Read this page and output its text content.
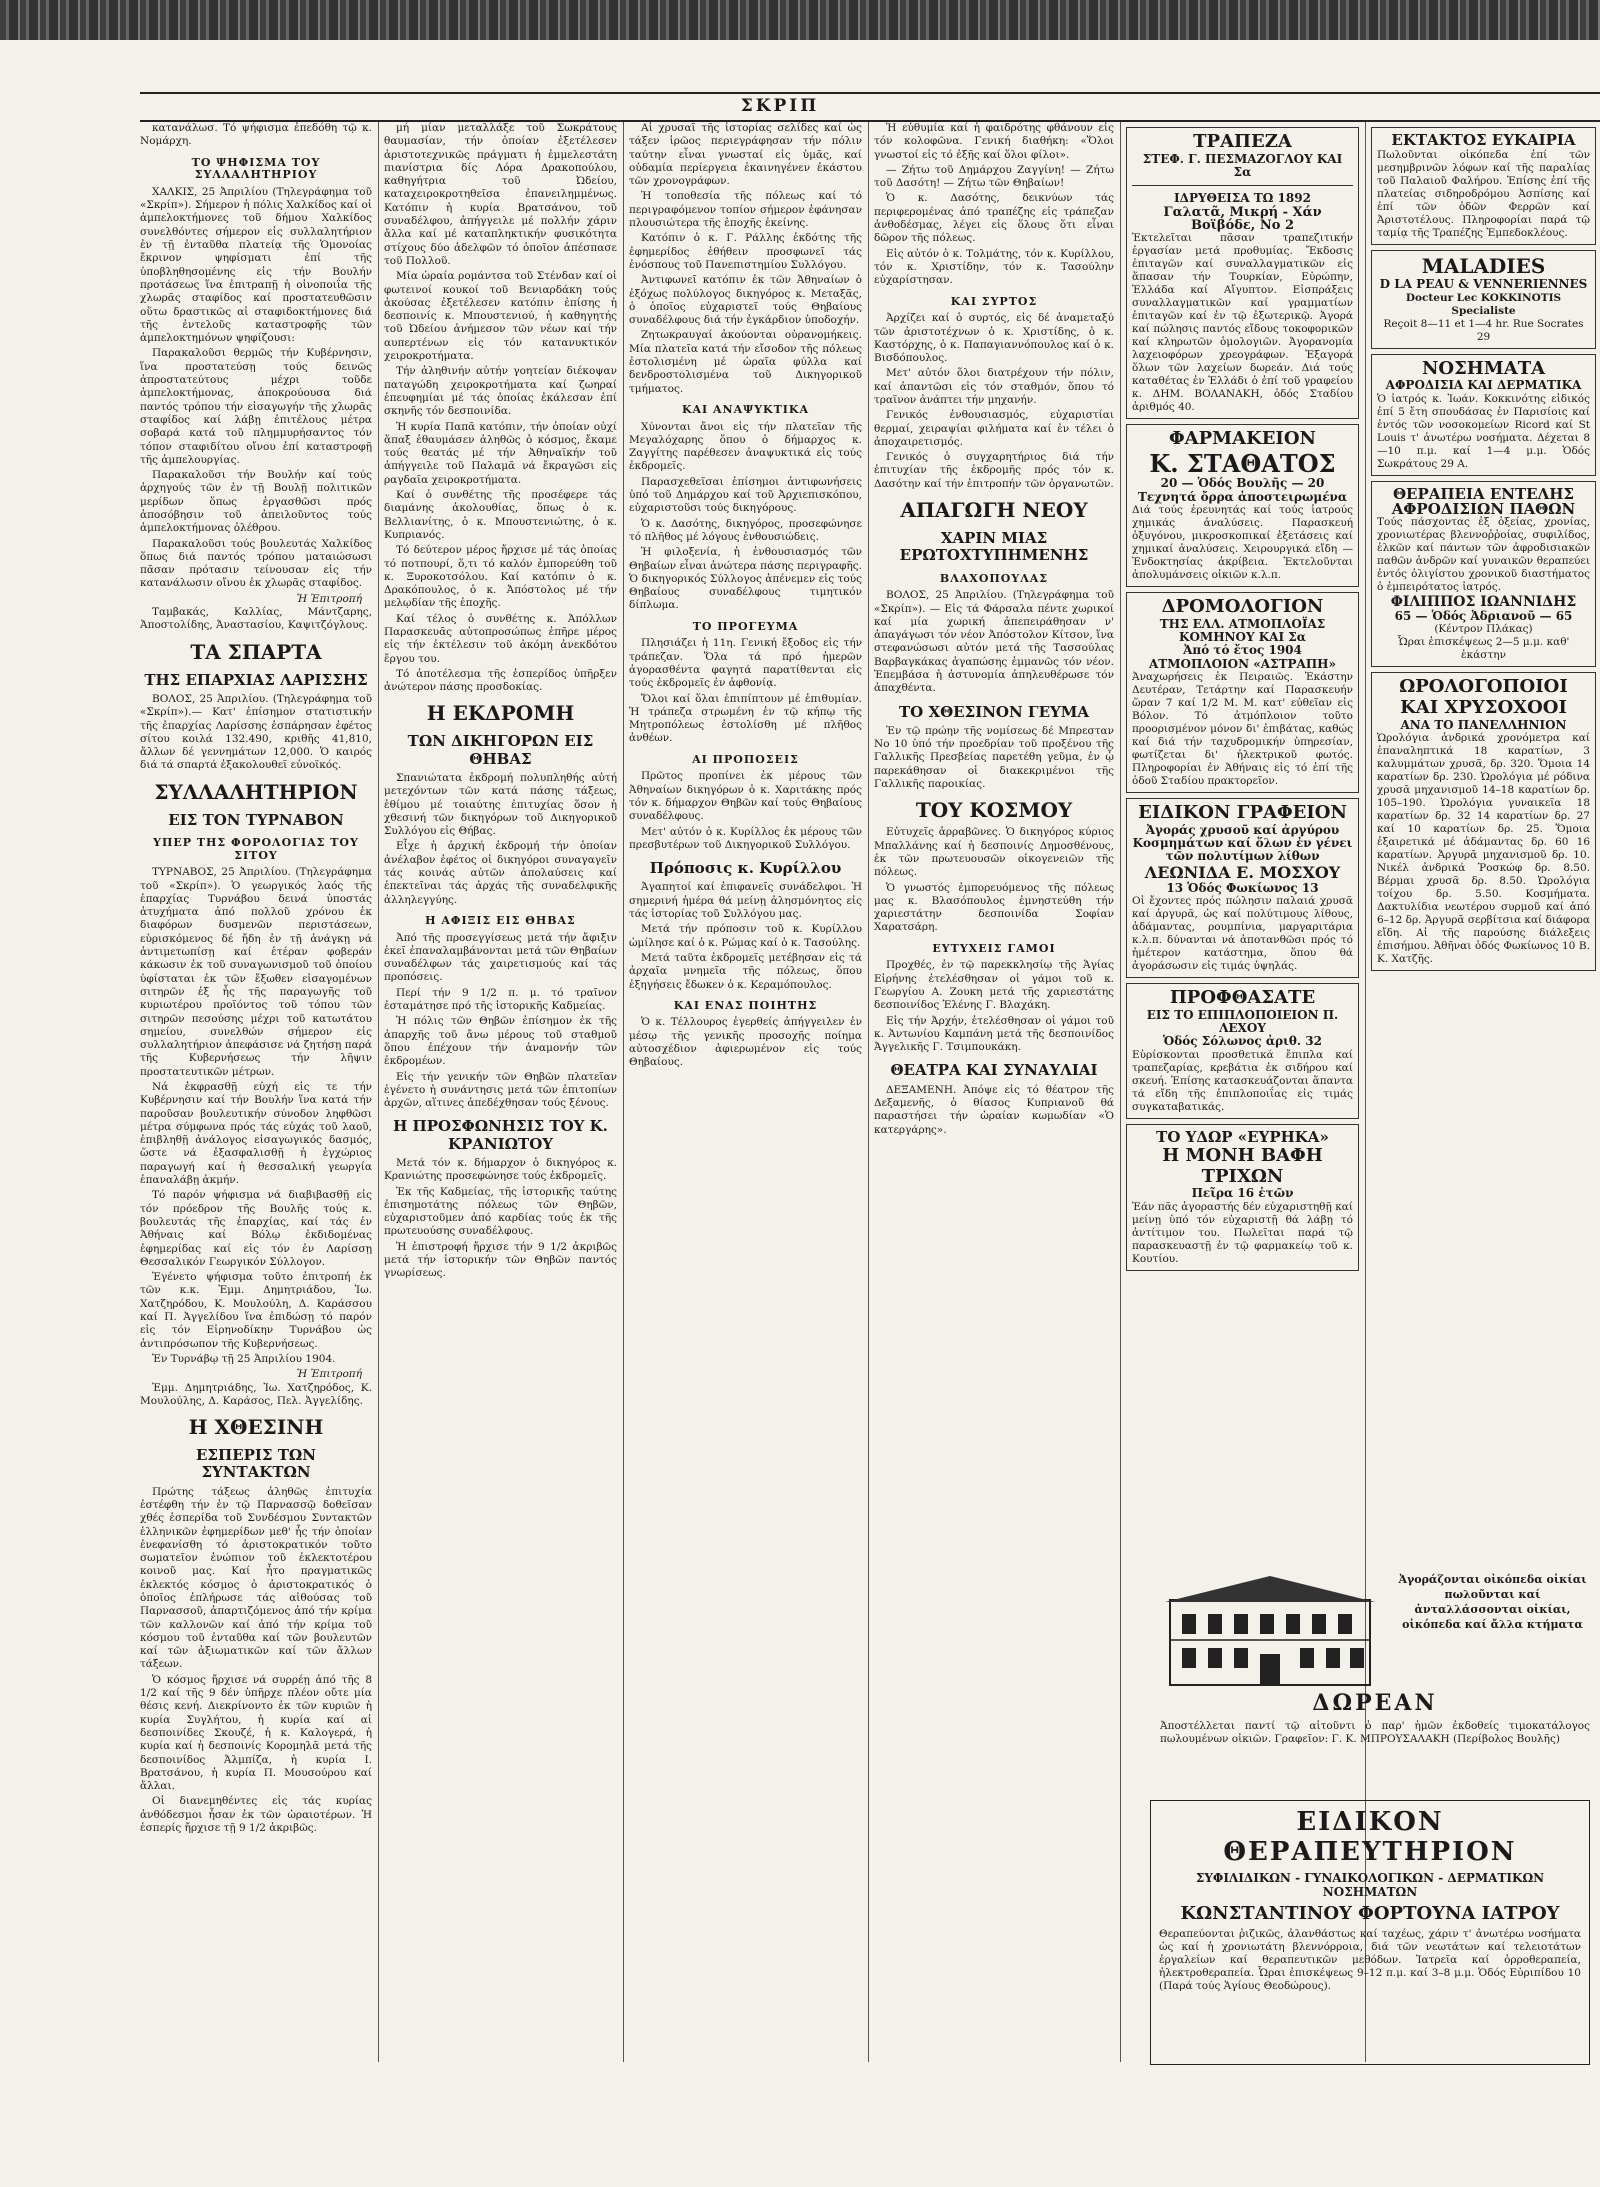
ΣΚΡΙΠ

κατανάλωσ. Τό ψήφισμα ἐπεδόθη τῷ κ. Νομάρχη.

ΤΟ ΨΗΦΙΣΜΑ ΤΟΥ ΣΥΛΛΑΛΗΤΗΡΙΟΥ

ΧΑΛΚΙΣ, 25 Ἀπριλίου (Τηλεγράφημα τοῦ «Σκρίπ»). Σήμερον ἡ πόλις Χαλκίδος καί οἱ ἀμπελοκτήμονες τοῦ δήμου Χαλκίδος συνελθόντες σήμερον εἰς συλλαλητήριον ἐν τῇ ἐνταῦθα πλατείᾳ τῆς Ὁμονοίας ἔκρινον ψηφίσματι ἐπί τῆς ὑποβληθησομένης εἰς τήν Βουλήν προτάσεως ἵνα ἐπιτραπῇ ἡ οἰνοποιΐα τῆς χλωρᾶς σταφίδος καί προστατευθῶσιν οὕτω δραστικῶς αἱ σταφιδοκτήμονες διά τῆς ἐντελοῦς καταστροφῆς τῶν ἀμπελοκτημόνων ψηφίζουσι:

Παρακαλοῦσι θερμῶς τήν Κυβέρνησιν, ἵνα προστατεύσῃ τούς δεινῶς ἀπροστατεύτους μέχρι τοῦδε ἀμπελοκτήμονας, ἀποκρούουσα διά παντός τρόπου τήν εἰσαγωγήν τῆς χλωρᾶς σταφίδος καί λάβῃ ἐπιτέλους μέτρα σοβαρά κατά τοῦ πλημμυρήσαντος τόν τόπον σταφιδίτου οἴνου ἐπί καταστροφῇ τῆς ἀμπελουργίας.

Παρακαλοῦσι τήν Βουλήν καί τούς ἀρχηγούς τῶν ἐν τῇ Βουλῇ πολιτικῶν μερίδων ὅπως ἐργασθῶσι πρός ἀποσόβησιν τοῦ ἀπειλοῦντος τούς ἀμπελοκτήμονας ὀλέθρου.

Παρακαλοῦσι τούς βουλευτάς Χαλκίδος ὅπως διά παντός τρόπου ματαιώσωσι πᾶσαν πρότασιν τείνουσαν εἰς τήν κατανάλωσιν οἴνου ἐκ χλωρᾶς σταφίδος.

Ἡ Ἐπιτροπή

Ταμβακάς, Καλλίας, Μάντζαρης, Ἀποστολίδης, Ἀναστασίου, Καψιτζόγλους.

ΤΑ ΣΠΑΡΤΑ
ΤΗΣ ΕΠΑΡΧΙΑΣ ΛΑΡΙΣΣΗΣ

ΒΟΛΟΣ, 25 Ἀπριλίου. (Τηλεγράφημα τοῦ «Σκρίπ»).— Κατ' ἐπίσημον στατιστικήν τῆς ἐπαρχίας Λαρίσσης ἐσπάρησαν ἐφέτος σίτου κοιλά 132.490, κριθῆς 41,810, ἄλλων δέ γεννημάτων 12,000. Ὁ καιρός διά τά σπαρτά ἐξακολουθεῖ εὐνοϊκός.

ΣΥΛΛΑΛΗΤΗΡΙΟΝ
ΕΙΣ ΤΟΝ ΤΥΡΝΑΒΟΝ
ΥΠΕΡ ΤΗΣ ΦΟΡΟΛΟΓΙΑΣ ΤΟΥ ΣΙΤΟΥ

ΤΥΡΝΑΒΟΣ, 25 Ἀπριλίου. (Τηλεγράφημα τοῦ «Σκρίπ»). Ὁ γεωργικός λαός τῆς ἐπαρχίας Τυρνάβου δεινά ὑποστάς ἀτυχήματα ἀπό πολλοῦ χρόνου ἐκ διαφόρων δυσμενῶν περιστάσεων, εὑρισκόμενος δέ ἤδη ἐν τῇ ἀνάγκῃ νά ἀντιμετωπίσῃ καί ἑτέραν φοβεράν κάκωσιν ἐκ τοῦ συναγωνισμοῦ τοῦ ὁποίου ὑφίσταται ἐκ τῶν ἔξωθεν εἰσαγομένων σιτηρῶν ἐξ ἧς τῆς παραγωγῆς τοῦ κυριωτέρου προϊόντος τοῦ τόπου τῶν σιτηρῶν πεσούσης μέχρι τοῦ κατωτάτου σημείου, συνελθών σήμερον εἰς συλλαλητήριον ἀπεφάσισε νά ζητήσῃ παρά τῆς Κυβερνήσεως τήν λῆψιν προστατευτικῶν μέτρων.

Νά ἐκφρασθῇ εὐχή εἰς τε τήν Κυβέρνησιν καί τήν Βουλήν ἵνα κατά τήν παροῦσαν βουλευτικήν σύνοδον ληφθῶσι μέτρα σύμφωνα πρός τάς εὐχάς τοῦ λαοῦ, ἐπιβληθῇ ἀνάλογος εἰσαγωγικός δασμός, ὥστε νά ἐξασφαλισθῇ ἡ ἐγχώριος παραγωγή καί ἡ θεσσαλική γεωργία ἐπαναλάβῃ ἀκμήν.

Τό παρόν ψήφισμα νά διαβιβασθῇ εἰς τόν πρόεδρον τῆς Βουλῆς τούς κ. βουλευτάς τῆς ἐπαρχίας, καί τάς ἐν Ἀθήναις καί Βόλῳ ἐκδιδομένας ἐφημερίδας καί εἰς τόν ἐν Λαρίσσῃ Θεσσαλικόν Γεωργικόν Σύλλογον.

Ἐγένετο ψήφισμα τοῦτο ἐπιτροπή ἐκ τῶν κ.κ. Ἐμμ. Δημητριάδου, Ἰω. Χατζηρόδου, Κ. Μουλούλη, Δ. Καράσσου καί Π. Ἀγγελίδου ἵνα ἐπιδώσῃ τό παρόν εἰς τόν Εἰρηνοδίκην Τυρνάβου ὡς ἀντιπρόσωπον τῆς Κυβερνήσεως.

Ἐν Τυρνάβῳ τῇ 25 Ἀπριλίου 1904.

Ἡ Ἐπιτροπή

Ἐμμ. Δημητριάδης, Ἰω. Χατζηρόδος, Κ. Μουλούλης, Δ. Καράσος, Πελ. Ἀγγελίδης.

Η ΧΘΕΣΙΝΗ
ΕΣΠΕΡΙΣ ΤΩΝ ΣΥΝΤΑΚΤΩΝ

Πρώτης τάξεως ἀληθῶς ἐπιτυχία ἐστέφθη τήν ἐν τῷ Παρνασσῷ δοθεῖσαν χθές ἑσπερίδα τοῦ Συνδέσμου Συντακτῶν ἑλληνικῶν ἐφημερίδων μεθ' ἧς τήν ὁποίαν ἐνεφανίσθη τό ἀριστοκρατικόν τοῦτο σωματεῖον ἐνώπιον τοῦ ἐκλεκτοτέρου κοινοῦ μας. Καί ἦτο πραγματικῶς ἐκλεκτός κόσμος ὁ ἀριστοκρατικός ὁ ὁποῖος ἐπλήρωσε τάς αἰθούσας τοῦ Παρνασσοῦ, ἀπαρτιζόμενος ἀπό τήν κρίμα τῶν καλλονῶν καί ἀπό τήν κρίμα τοῦ κόσμου τοῦ ἐνταῦθα καί τῶν βουλευτῶν καί τῶν ἀξιωματικῶν καί τῶν ἄλλων τάξεων.

Ὁ κόσμος ἤρχισε νά συρρέῃ ἀπό τῆς 8 1/2 καί τῆς 9 δέν ὑπῆρχε πλέον οὔτε μία θέσις κενή. Διεκρίνοντο ἐκ τῶν κυριῶν ἡ κυρία Συγλήτου, ἡ κυρία καί αἱ δεσποινίδες Σκουζέ, ἡ κ. Καλογερά, ἡ κυρία καί ἡ δεσποινίς Κορομηλᾶ μετά τῆς δεσποινίδος Ἀλμπίζα, ἡ κυρία Ι. Βρατσάνου, ἡ κυρία Π. Μουσούρου καί ἄλλαι.

Οἱ διανεμηθέντες εἰς τάς κυρίας ἀνθόδεσμοι ἦσαν ἐκ τῶν ὡραιοτέρων. Ἡ ἑσπερίς ἤρχισε τῇ 9 1/2 ἀκριβῶς.

μή μίαν μεταλλάξε τοῦ Σωκράτους θαυμασίαν, τήν ὁποίαν ἐξετέλεσεν ἀριστοτεχνικῶς πράγματι ἡ ἐμμελεστάτη πιανίστρια δίς Λόρα Δρακοπούλου, καθηγήτρια τοῦ Ὠδείου, καταχειροκροτηθεῖσα ἐπανειλημμένως. Κατόπιν ἡ κυρία Βρατσάνου, τοῦ συναδέλφου, ἀπήγγειλε μέ πολλήν χάριν ἄλλα καί μέ καταπληκτικήν φυσικότητα στίχους δύο ἀδελφῶν τό ὁποῖον ἀπέσπασε τοῦ Πολλοῦ.

Μία ὡραία ρομάντσα τοῦ Στένδαν καί οἱ φωτεινοί κουκοί τοῦ Βενιαρδάκη τούς ἀκούσας ἐξετέλεσεν κατόπιν ἐπίσης ἡ δεσποινίς κ. Μπουστενιού, ἡ καθηγητής τοῦ Ὠδείου ἀνήμεσον τῶν νέων καί τήν αυπερτένων εἰς τόν κατανυκτικόν χειροκροτήματα.

Τήν ἀληθινήν αὐτήν γοητείαν διέκοψαν παταγώδη χειροκροτήματα καί ζωηραί ἐπευφημίαι μέ τάς ὁποίας ἐκάλεσαν ἐπί σκηνῆς τόν δεσποινίδα.

Ἡ κυρία Παπᾶ κατόπιν, τήν ὁποίαν οὐχί ἅπαξ ἐθαυμάσεν ἀληθῶς ὁ κόσμος, ἔκαμε τούς θεατάς μέ τήν Ἀθηναϊκήν τοῦ ἀπήγγειλε τοῦ Παλαμᾶ νά ἔκραγῶσι εἰς ραγδαῖα χειροκροτήματα.

Καί ὁ συνθέτης τῆς προσέφερε τάς διαμάνης ἀκολουθίας, ὅπως ὁ κ. Βελλιανίτης, ὁ κ. Μπουστενιώτης, ὁ κ. Κυπριανός.

Τό δεύτερον μέρος ἤρχισε μέ τάς ὁποίας τό ποτπουρί, ὅ,τι τό καλόν ἐμπορεύθη τοῦ κ. Ξυροκοτσόλου. Καί κατόπιν ὁ κ. Δρακόπουλος, ὁ κ. Ἀπόστολος μέ τήν μελῳδίαν τῆς ἐποχῆς.

Καί τέλος ὁ συνθέτης κ. Ἀπόλλων Παρασκευᾶς αὐτοπροσώπως ἐπῆρε μέρος εἰς τήν ἐκτέλεσιν τοῦ ἀκόμη ἀνεκδότου ἔργου του.

Τό ἀποτέλεσμα τῆς ἑσπερίδος ὑπῆρξεν ἀνώτερον πάσης προσδοκίας.

Η ΕΚΔΡΟΜΗ
ΤΩΝ ΔΙΚΗΓΟΡΩΝ ΕΙΣ ΘΗΒΑΣ

Σπανιώτατα ἐκδρομή πολυπληθής αὐτή μετεχόντων τῶν κατά πάσης τάξεως, ἐθίμου μέ τοιαύτης ἐπιτυχίας ὅσον ἡ χθεσινή τῶν δικηγόρων τοῦ Δικηγορικοῦ Συλλόγου εἰς Θήβας.

Εἶχε ἡ ἀρχική ἐκδρομή τήν ὁποίαν ἀνέλαβον ἐφέτος οἱ δικηγόροι συναγαγεῖν τάς κοινάς αὐτῶν ἀπολαύσεις καί ἐπεκτεῖναι τάς ἀρχάς τῆς συναδελφικῆς ἀλληλεγγύης.

Η ΑΦΙΞΙΣ ΕΙΣ ΘΗΒΑΣ

Ἀπό τῆς προσεγγίσεως μετά τήν ἄφιξιν ἐκεῖ ἐπαναλαμβάνονται μετά τῶν Θηβαίων συναδέλφων τάς χαιρετισμούς καί τάς προπόσεις.

Περί τήν 9 1/2 π. μ. τό τραῖνον ἐσταμάτησε πρό τῆς ἱστορικῆς Καδμείας.

Ἡ πόλις τῶν Θηβῶν ἐπίσημον ἐκ τῆς ἀπαρχῆς τοῦ ἄνω μέρους τοῦ σταθμοῦ ὅπου ἐπέχουν τήν ἀναμονήν τῶν ἐκδρομέων.

Εἰς τήν γενικήν τῶν Θηβῶν πλατεῖαν ἐγένετο ἡ συνάντησις μετά τῶν ἐπιτοπίων ἀρχῶν, αἵτινες ἀπεδέχθησαν τούς ξένους.

Η ΠΡΟΣΦΩΝΗΣΙΣ ΤΟΥ Κ. ΚΡΑΝΙΩΤΟΥ

Μετά τόν κ. δήμαρχον ὁ δικηγόρος κ. Κρανιώτης προσεφώνησε τούς ἐκδρομεῖς.

Ἐκ τῆς Καδμείας, τῆς ἱστορικῆς ταύτης ἐπισημοτάτης πόλεως τῶν Θηβῶν, εὐχαριστοῦμεν ἀπό καρδίας τούς ἐκ τῆς πρωτευούσης συναδέλφους.

Ἡ ἐπιστροφή ἤρχισε τήν 9 1/2 ἀκριβῶς μετά τήν ἱστορικήν τῶν Θηβῶν παντός γνωρίσεως.

Αἱ χρυσαῖ τῆς ἱστορίας σελίδες καί ὡς τάξεν ἱρῶος περιεγράφησαν τήν πόλιν ταύτην εἶναι γνωσταί εἰς ὑμᾶς, καί οὐδαμία περίεργεια ἐκαινηγένεν ἐκάστου τῶν χρονογράφων.

Ἡ τοποθεσία τῆς πόλεως καί τό περιγραφόμενον τοπίον σήμερον ἐφάνησαν πλουσιώτερα τῆς ἐποχῆς ἐκείνης.

Κατόπιν ὁ κ. Γ. Ράλλης ἐκδότης τῆς ἐφημερίδος ἐθήθειν προσφωνεῖ τάς ἐνόσπους τοῦ Πανεπιστημίου Συλλόγου.

Ἀντιφωνεῖ κατόπιν ἐκ τῶν Ἀθηναίων ὁ ἐξόχως πολύλογος δικηγόρος κ. Μεταξᾶς, ὁ ὁποῖος εὐχαριστεῖ τούς Θηβαίους συναδέλφους διά τήν ἐγκάρδιον ὑποδοχήν.

Ζητωκραυγαί ἀκούονται οὐρανομήκεις. Μία πλατεῖα κατά τήν εἴσοδον τῆς πόλεως ἐστολισμένη μέ ὡραῖα φύλλα καί δενδροστολισμένα τοῦ Δικηγορικοῦ τμήματος.

ΚΑΙ ΑΝΑΨΥΚΤΙΚΑ

Χύνονται ἄνοι εἰς τήν πλατεῖαν τῆς Μεγαλόχαρης ὅπου ὁ δήμαρχος κ. Ζαγγίτης παρέθεσεν ἀναψυκτικά εἰς τούς ἐκδρομεῖς.

Παρασχεθεῖσαι ἐπίσημοι ἀντιφωνήσεις ὑπό τοῦ Δημάρχου καί τοῦ Ἀρχιεπισκόπου, εὐχαριστοῦσι τούς δικηγόρους.

Ὁ κ. Δασότης, δικηγόρος, προσεφώνησε τό πλῆθος μέ λόγους ἐνθουσιώδεις.

Ἡ φιλοξενία, ἡ ἐνθουσιασμός τῶν Θηβαίων εἶναι ἀνώτερα πάσης περιγραφῆς. Ὁ δικηγορικός Σύλλογος ἀπένεμεν εἰς τούς Θηβαίους συναδέλφους τιμητικόν δίπλωμα.

ΤΟ ΠΡΟΓΕΥΜΑ

Πλησιάζει ἡ 11η. Γενική ἔξοδος εἰς τήν τράπεζαν. Ὅλα τά πρό ἡμερῶν ἀγορασθέντα φαγητά παρατίθενται εἰς τούς ἐκδρομεῖς ἐν ἀφθονίᾳ.

Ὅλοι καί ὅλαι ἐπιπίπτουν μέ ἐπιθυμίαν. Ἡ τράπεζα στρωμένη ἐν τῷ κήπῳ τῆς Μητροπόλεως ἐστολίσθη μέ πλῆθος ἀνθέων.

ΑΙ ΠΡΟΠΟΣΕΙΣ

Πρῶτος προπίνει ἐκ μέρους τῶν Ἀθηναίων δικηγόρων ὁ κ. Χαριτάκης πρός τόν κ. δήμαρχον Θηβῶν καί τούς Θηβαίους συναδέλφους.

Μετ' αὐτόν ὁ κ. Κυρίλλος ἐκ μέρους τῶν πρεσβυτέρων τοῦ Δικηγορικοῦ Συλλόγου.

Πρόποσις κ. Κυρίλλου

Ἀγαπητοί καί ἐπιφανεῖς συνάδελφοι. Ἡ σημερινή ἡμέρα θά μείνῃ ἀλησμόνητος εἰς τάς ἱστορίας τοῦ Συλλόγου μας.

Μετά τήν πρόποσιν τοῦ κ. Κυρίλλου ὡμίλησε καί ὁ κ. Ρώμας καί ὁ κ. Τασούλης.

Μετά ταῦτα ἐκδρομεῖς μετέβησαν εἰς τά ἀρχαῖα μνημεῖα τῆς πόλεως, ὅπου ἐξηγήσεις ἔδωκεν ὁ κ. Κεραμόπουλος.

ΚΑΙ ΕΝΑΣ ΠΟΙΗΤΗΣ

Ὁ κ. Τέλλουρος ἐγερθείς ἀπήγγειλεν ἐν μέσῳ τῆς γενικῆς προσοχῆς ποίημα αὐτοσχέδιον ἀφιερωμένον εἰς τούς Θηβαίους.

Ἡ εὐθυμία καί ἡ φαιδρότης φθάνουν εἰς τόν κολοφῶνα. Γενική διαθήκη: «Ὅλοι γνωστοί εἰς τό ἐξῆς καί ὅλοι φίλοι».

— Ζήτω τοῦ Δημάρχου Ζαγγίνη! — Ζήτω τοῦ Δασότη! — Ζήτω τῶν Θηβαίων!

Ὁ κ. Δασότης, δεικνύων τάς περιφερομένας ἀπό τραπέζης εἰς τράπεζαν ἀνθοδέσμας, λέγει εἰς ὅλους ὅτι εἶναι δῶρον τῆς πόλεως.

Εἰς αὐτόν ὁ κ. Τολμάτης, τόν κ. Κυρίλλου, τόν κ. Χριστίδην, τόν κ. Τασούλην εὐχαρίστησαν.

ΚΑΙ ΣΥΡΤΟΣ

Ἀρχίζει καί ὁ συρτός, εἰς δέ ἀναμεταξύ τῶν ἀριστοτέχνων ὁ κ. Χριστίδης, ὁ κ. Καστόρχης, ὁ κ. Παπαγιαννόπουλος καί ὁ κ. Βισδόπουλος.

Μετ' αὐτόν ὅλοι διατρέχουν τήν πόλιν, καί ἀπαντῶσι εἰς τόν σταθμόν, ὅπου τό τραῖνον ἀνάπτει τήν μηχανήν.

Γενικός ἐνθουσιασμός, εὐχαριστίαι θερμαί, χειραψίαι φιλήματα καί ἐν τέλει ὁ ἀποχαιρετισμός.

Γενικός ὁ συγχαρητήριος διά τήν ἐπιτυχίαν τῆς ἐκδρομῆς πρός τόν κ. Δασότην καί τήν ἐπιτροπήν τῶν ὀργανωτῶν.

ΑΠΑΓΩΓΗ ΝΕΟΥ
ΧΑΡΙΝ ΜΙΑΣ ΕΡΩΤΟΧΤΥΠΗΜΕΝΗΣ
ΒΛΑΧΟΠΟΥΛΑΣ

ΒΟΛΟΣ, 25 Ἀπριλίου. (Τηλεγράφημα τοῦ «Σκρίπ»). — Εἰς τά Φάρσαλα πέντε χωρικοί καί μία χωρική ἀπεπειράθησαν ν' ἀπαγάγωσι τόν νέον Ἀπόστολον Κίτσον, ἵνα στεφανώσωσι αὐτόν μετά τῆς Τασσούλας Βαρβαγκάκας ἀγαπώσης ἐμμανῶς τόν νέον. Ἐπεμβάσα ἡ ἀστυνομία ἀπηλευθέρωσε τόν ἀπαχθέντα.

ΤΟ ΧΘΕΣΙΝΟΝ ΓΕΥΜΑ

Ἐν τῷ πρώην τῆς νομίσεως δέ Μπρεσταν Νο 10 ὑπό τήν προεδρίαν τοῦ προξένου τῆς Γαλλικῆς Πρεσβείας παρετέθη γεῦμα, ἐν ᾧ παρεκάθησαν οἱ διακεκριμένοι τῆς Γαλλικῆς παροικίας.

ΤΟΥ ΚΟΣΜΟΥ

Εὐτυχεῖς ἀρραβῶνες. Ὁ δικηγόρος κύριος Μπαλλάνης καί ἡ δεσποινίς Δημοσθένους, ἐκ τῶν πρωτευουσῶν οἰκογενειῶν τῆς πόλεως.

Ὁ γνωστός ἐμπορευόμενος τῆς πόλεως μας κ. Βλασόπουλος ἐμνηστεύθη τήν χαριεστάτην δεσποινίδα Σοφίαν Χαρατσάρη.

ΕΥΤΥΧΕΙΣ ΓΑΜΟΙ

Προχθές, ἐν τῷ παρεκκλησίῳ τῆς Ἁγίας Εἰρήνης ἐτελέσθησαν οἱ γάμοι τοῦ κ. Γεωργίου Α. Ζουκη μετά τῆς χαριεστάτης δεσποινίδος Ἑλένης Γ. Βλαχάκη.

Εἰς τήν Ἀρχήν, ἐτελέσθησαν οἱ γάμοι τοῦ κ. Ἀντωνίου Καμπάνη μετά τῆς δεσποινίδος Ἀγγελικῆς Γ. Τσιμπουκάκη.

ΘΕΑΤΡΑ ΚΑΙ ΣΥΝΑΥΛΙΑΙ

ΔΕΞΑΜΕΝΗ. Ἀπόψε εἰς τό θέατρον τῆς Δεξαμενῆς, ὁ θίασος Κυπριανοῦ θά παραστήσει τήν ὡραίαν κωμωδίαν «Ὁ κατεργάρης».

ΤΡΑΠΕΖΑ
ΣΤΕΦ. Γ. ΠΕΣΜΑΖΟΓΛΟΥ ΚΑΙ Σα
ΙΔΡΥΘΕΙΣΑ ΤΩ 1892
Γαλατᾶ, Μικρή - Χάν Βοϊβόδε, Νο 2
Ἐκτελεῖται πᾶσαν τραπεζιτικήν ἐργασίαν μετά προθυμίας. Ἔκδοσις ἐπιταγῶν καί συναλλαγματικῶν εἰς ἅπασαν τήν Τουρκίαν, Εὐρώπην, Ἑλλάδα καί Αἴγυπτον. Εἰσπράξεις συναλλαγματικῶν καί γραμματίων ἐπιταγῶν καί ἐν τῷ ἐξωτερικῷ. Ἀγορά καί πώλησις παντός εἴδους τοκοφορικῶν καί κληρωτῶν ὁμολογιῶν. Ἀγορανομία λαχειοφόρων χρεογράφων. Ἐξαγορά ὅλων τῶν λαχείων δωρεάν. Διά τούς καταθέτας ἐν Ἑλλάδι ὁ ἐπί τοῦ γραφείου κ. ΔΗΜ. ΒΟΛΑΝΑΚΗ, ὁδός Σταδίου ἀριθμός 40.
ΦΑΡΜΑΚΕΙΟΝ
Κ. ΣΤΑΘΑΤΟΣ
20 — Ὁδός Βουλῆς — 20
Τεχνητά ὄρρα ἀποστειρωμένα
Διά τούς ἐρευνητάς καί τούς ἰατρούς χημικάς ἀναλύσεις. Παρασκευή ὀξυγόνου, μικροσκοπικαί ἐξετάσεις καί χημικαί ἀναλύσεις. Χειρουργικά εἴδη — Ἐνδοκτησίας ἀκρίβεια. Ἐκτελοῦνται ἀπολυμάνσεις οἰκιῶν κ.λ.π.
ΔΡΟΜΟΛΟΓΙΟΝ
ΤΗΣ ΕΛΛ. ΑΤΜΟΠΛΟΪΑΣ ΚΟΜΗΝΟΥ ΚΑΙ Σα
Ἀπό τό ἔτος 1904
ΑΤΜΟΠΛΟΙΟΝ «ΑΣΤΡΑΠΗ»
Ἀναχωρήσεις ἐκ Πειραιῶς. Ἑκάστην Δευτέραν, Τετάρτην καί Παρασκευήν ὥραν 7 καί 1/2 Μ. Μ. κατ' εὐθεῖαν εἰς Βόλον. Τό ἀτμόπλοιον τοῦτο προορισμένον μόνον δι' ἐπιβάτας, καθώς καί διά τήν ταχυδρομικήν ὑπηρεσίαν, φωτίζεται δι' ἠλεκτρικοῦ φωτός. Πληροφορίαι ἐν Ἀθήναις εἰς τό ἐπί τῆς ὁδοῦ Σταδίου πρακτορεῖον.
ΕΙΔΙΚΟΝ ΓΡΑΦΕΙΟΝ
Ἀγοράς χρυσοῦ καί ἀργύρου Κοσμημάτων καί ὅλων ἐν γένει τῶν πολυτίμων λίθων
ΛΕΩΝΙΔΑ Ε. ΜΟΣΧΟΥ
13 Ὁδός Φωκίωνος 13
Οἱ ἔχοντες πρός πώλησιν παλαιά χρυσᾶ καί ἀργυρᾶ, ὡς καί πολύτιμους λίθους, ἀδάμαντας, ρουμπίνια, μαργαριτάρια κ.λ.π. δύνανται νά ἀποτανθῶσι πρός τό ἡμέτερον κατάστημα, ὅπου θά ἀγοράσωσιν εἰς τιμάς ὑψηλάς.
ΠΡΟΦΘΑΣΑΤΕ
ΕΙΣ ΤΟ ΕΠΙΠΛΟΠΟΙΕΙΟΝ Π. ΛΕΧΟΥ
Ὁδός Σόλωνος ἀριθ. 32
Εὑρίσκονται προσθετικά ἔπιπλα καί τραπεζαρίας, κρεβάτια ἐκ σιδήρου καί σκευή. Ἐπίσης κατασκευάζονται ἅπαντα τά εἴδη τῆς ἐπιπλοποιΐας εἰς τιμάς συγκαταβατικάς.
ΤΟ ΥΔΩΡ «ΕΥΡΗΚΑ»
Η ΜΟΝΗ ΒΑΦΗ ΤΡΙΧΩΝ
Πεῖρα 16 ἐτῶν
Ἐάν πᾶς ἀγοραστής δέν εὐχαριστηθῇ καί μείνῃ ὑπό τόν εὐχαριστῇ θά λάβῃ τό ἀντίτιμον του. Πωλεῖται παρά τῷ παρασκευαστῇ ἐν τῷ φαρμακείῳ τοῦ κ. Κουτίου.
ΕΚΤΑΚΤΟΣ ΕΥΚΑΙΡΙΑ
Πωλοῦνται οἰκόπεδα ἐπί τῶν μεσημβρινῶν λόφων καί τῆς παραλίας τοῦ Παλαιοῦ Φαλήρου. Ἐπίσης ἐπί τῆς πλατείας σιδηροδρόμου Ἀσπίσης καί ἐπί τῶν ὁδῶν Φερρῶν καί Ἀριστοτέλους. Πληροφορίαι παρά τῷ ταμίᾳ τῆς Τραπέζης Ἐμπεδοκλέους.
MALADIES
D LA PEAU & VENNERIENNES
Docteur Lec KOKKINOTIS Specialiste
Reçoit 8—11 et 1—4 hr. Rue Socrates 29
ΝΟΣΗΜΑΤΑ
ΑΦΡΟΔΙΣΙΑ ΚΑΙ ΔΕΡΜΑΤΙΚΑ
Ὁ ἰατρός κ. Ἰωάν. Κοκκινότης εἰδικός ἐπί 5 ἔτη σπουδάσας ἐν Παρισίοις καί ἐντός τῶν νοσοκομείων Ricord καί St Louis τ' ἀνωτέρω νοσήματα. Δέχεται 8—10 π.μ. καί 1—4 μ.μ. Ὁδός Σωκράτους 29 Α.
ΘΕΡΑΠΕΙΑ ΕΝΤΕΛΗΣ
ΑΦΡΟΔΙΣΙΩΝ ΠΑΘΩΝ
Τούς πάσχοντας ἐξ ὀξείας, χρονίας, χρονιωτέρας βλεννοῤῥοίας, συφιλίδος, ἐλκῶν καί πάντων τῶν ἀφροδισιακῶν παθῶν ἀνδρῶν καί γυναικῶν θεραπεύει ἐντός ὀλιγίστου χρονικοῦ διαστήματος ὁ ἐμπειρότατος ἰατρός.
ΦΙΛΙΠΠΟΣ ΙΩΑΝΝΙΔΗΣ
65 — Ὁδός Ἀδριανοῦ — 65
(Κέντρον Πλάκας)
Ὧραι ἐπισκέψεως 2—5 μ.μ. καθ' ἑκάστην
ΩΡΟΛΟΓΟΠΟΙΟΙ
ΚΑΙ ΧΡΥΣΟΧΟΟΙ
ΑΝΑ ΤΟ ΠΑΝΕΛΛΗΝΙΟΝ
Ὡρολόγια ἀνδρικά χρονόμετρα καί ἐπαναληπτικά 18 καρατίων, 3 καλυμμάτων χρυσᾶ, δρ. 320. Ὅμοια 14 καρατίων δρ. 230. Ὡρολόγια μέ ρόδινα χρυσᾶ μηχανισμοῦ 14–18 καρατίων δρ. 105–190. Ὡρολόγια γυναικεῖα 18 καρατίων δρ. 32 14 καρατίων δρ. 27 καί 10 καρατίων δρ. 25. Ὅμοια ἐξαιρετικά μέ ἀδάμαντας δρ. 60 16 καρατίων. Ἀργυρᾶ μηχανισμοῦ δρ. 10. Νικέλ ἀνδρικά Ῥοσκώφ δρ. 8.50. Βέρμαι χρυσᾶ δρ. 8.50. Ὡρολόγια τοίχου δρ. 5.50. Κοσμήματα. Δακτυλίδια νεωτέρου συρμοῦ καί ἀπό 6–12 δρ. Ἀργυρᾶ σερβίτσια καί διάφορα εἴδη. Αἱ τῆς παρούσης διάλεξεις ἐπισήμου. Ἀθῆναι ὁδός Φωκίωνος 10 Β. Κ. Χατζῆς.
Ἀγοράζονται οἰκόπεδα οἰκίαι πωλοῦνται καί ἀνταλλάσσονται οἰκίαι, οἰκόπεδα καί ἄλλα κτήματα
ΔΩΡΕΑΝ
Ἀποστέλλεται παντί τῷ αἰτοῦντι ὁ παρ' ἡμῶν ἐκδοθείς τιμοκατάλογος πωλουμένων οἰκιῶν. Γραφεῖον: Γ. Κ. ΜΠΡΟΥΣΑΛΑΚΗ (Περίβολος Βουλῆς)
ΕΙΔΙΚΟΝ ΘΕΡΑΠΕΥΤΗΡΙΟΝ
ΣΥΦΙΛΙΔΙΚΩΝ - ΓΥΝΑΙΚΟΛΟΓΙΚΩΝ - ΔΕΡΜΑΤΙΚΩΝ ΝΟΣΗΜΑΤΩΝ
ΚΩΝΣΤΑΝΤΙΝΟΥ ΦΟΡΤΟΥΝΑ ΙΑΤΡΟΥ
Θεραπεύονται ῥιζικῶς, ἀλανθάστως καί ταχέως, χάριν τ' ἀνωτέρω νοσήματα ὡς καί ἡ χρονιωτάτη βλεννόρροια, διά τῶν νεωτάτων καί τελειοτάτων ἐργαλείων καί θεραπευτικῶν μεθόδων. Ἰατρεῖα καί ὀρροθεραπεία, ἠλεκτροθεραπεία. Ὧραι ἐπισκέψεως 9–12 π.μ. καί 3–8 μ.μ. Ὁδός Εὐριπίδου 10 (Παρά τούς Ἁγίους Θεοδώρους).
